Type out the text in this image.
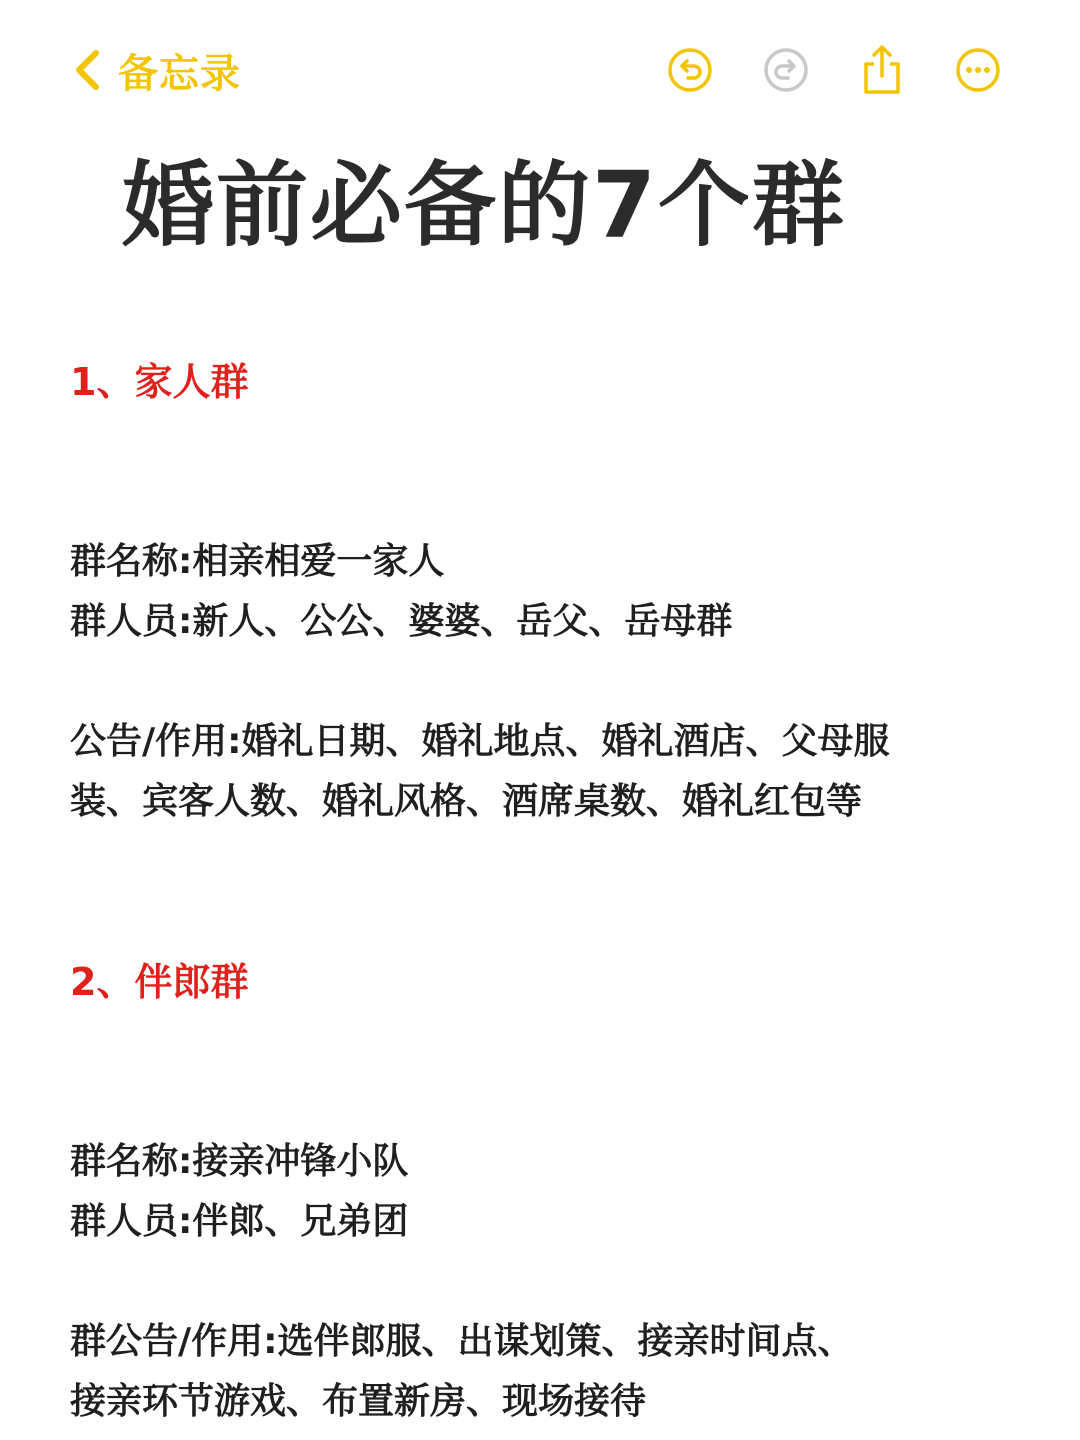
备忘录
婚前必备的7个群

1、家人群

群名称:相亲相爱一家人

群人员:新人、公公、婆婆、岳父、岳母群

公告/作用:婚礼日期、婚礼地点、婚礼酒店、父母服装、宾客人数、婚礼风格、酒席桌数、婚礼红包等

2、伴郎群

群名称:接亲冲锋小队

群人员:伴郎、兄弟团

群公告/作用:选伴郎服、出谋划策、接亲时间点、接亲环节游戏、布置新房、现场接待
